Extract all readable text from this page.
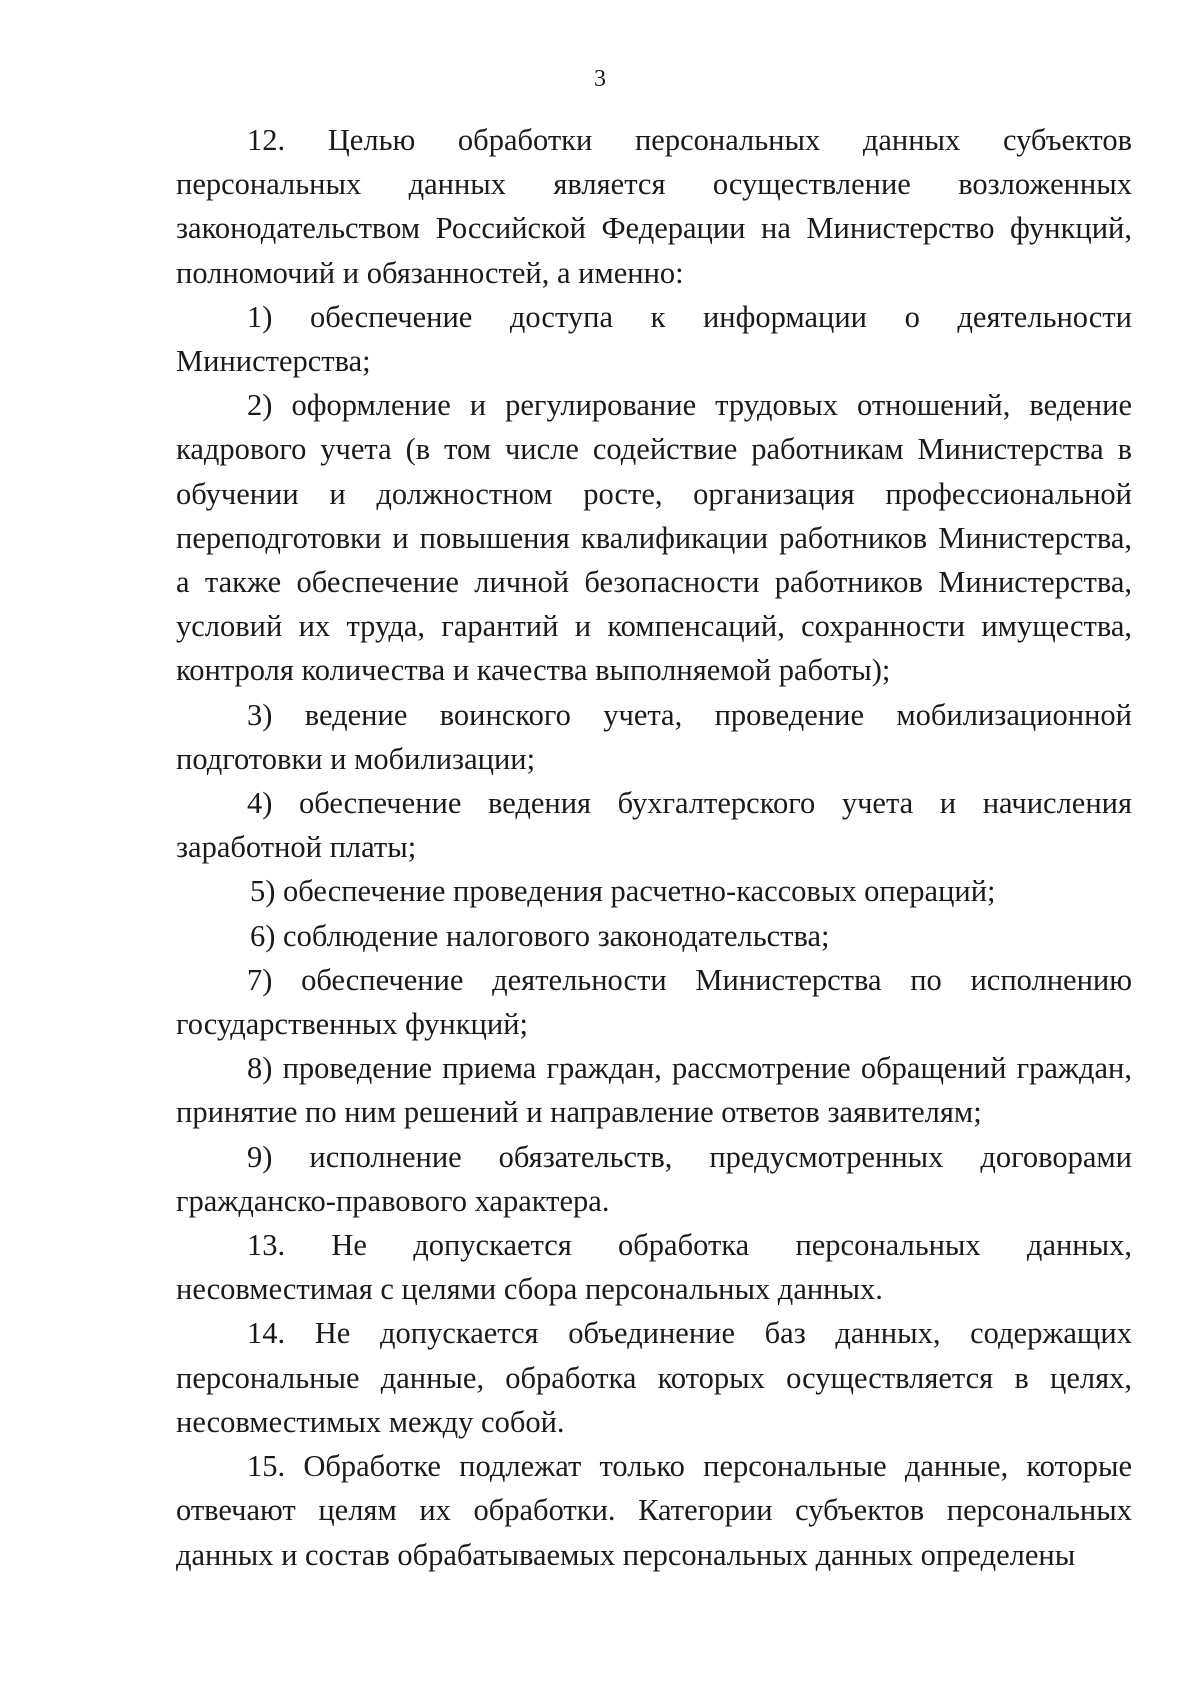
3

12. Целью обработки персональных данных субъектов персональных данных является осуществление возложенных законодательством Российской Федерации на Министерство функций, полномочий и обязанностей, а именно:

1) обеспечение доступа к информации о деятельности Министерства;

2) оформление и регулирование трудовых отношений, ведение кадрового учета (в том числе содействие работникам Министерства в обучении и должностном росте, организация профессиональной переподготовки и повышения квалификации работников Министерства, а также обеспечение личной безопасности работников Министерства, условий их труда, гарантий и компенсаций, сохранности имущества, контроля количества и качества выполняемой работы);

3) ведение воинского учета, проведение мобилизационной подготовки и мобилизации;

4) обеспечение ведения бухгалтерского учета и начисления заработной платы;

5) обеспечение проведения расчетно-кассовых операций;

6) соблюдение налогового законодательства;

7) обеспечение деятельности Министерства по исполнению государственных функций;

8) проведение приема граждан, рассмотрение обращений граждан, принятие по ним решений и направление ответов заявителям;

9) исполнение обязательств, предусмотренных договорами гражданско-правового характера.

13. Не допускается обработка персональных данных, несовместимая с целями сбора персональных данных.

14. Не допускается объединение баз данных, содержащих персональные данные, обработка которых осуществляется в целях, несовместимых между собой.

15. Обработке подлежат только персональные данные, которые отвечают целям их обработки. Категории субъектов персональных данных и состав обрабатываемых персональных данных определены
